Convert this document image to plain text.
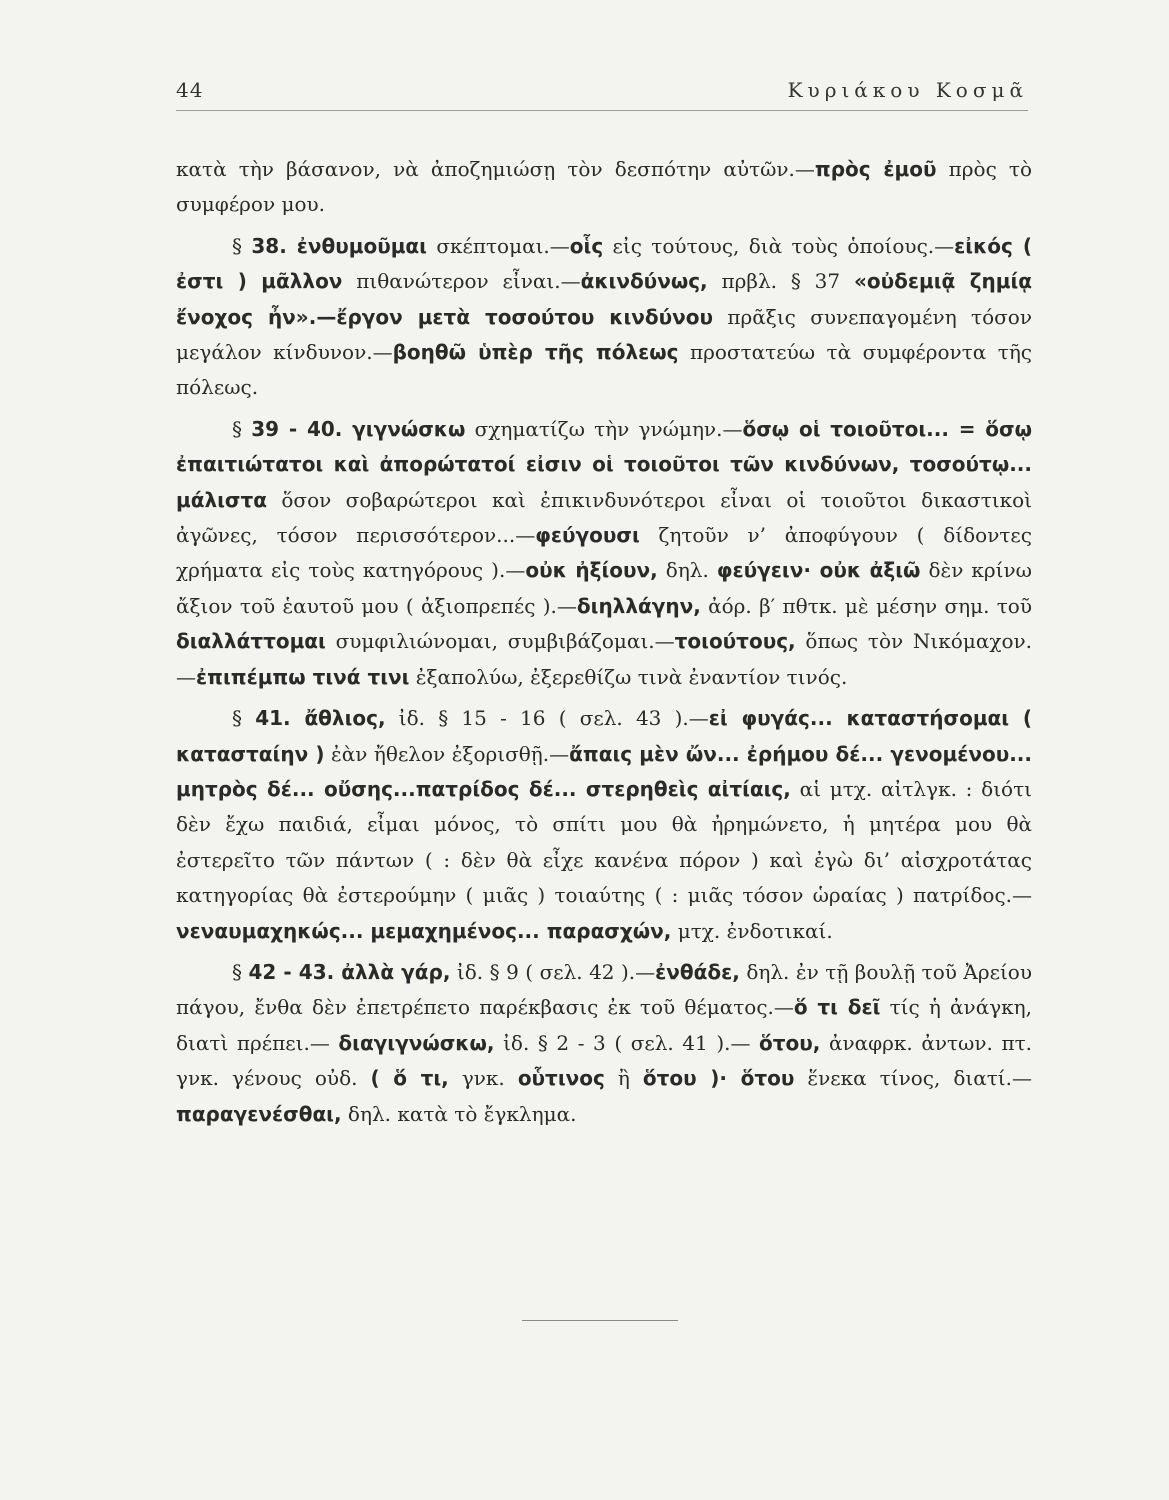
44	Κυριάκου Κοσμᾶ

κατὰ τὴν βάσανον, νὰ ἀποζημιώσῃ τὸν δεσπότην αὐτῶν.—πρὸς ἐμοῦ πρὸς τὸ συμφέρον μου.

§ 38. ἐνθυμοῦμαι σκέπτομαι.—οἷς εἰς τούτους, διὰ τοὺς ὁποίους.—εἰκός ( ἐστι ) μᾶλλον πιθανώτερον εἶναι.—ἀκινδύνως, πρβλ. § 37 «οὐδεμιᾷ ζημίᾳ ἔνοχος ἦν».—ἔργον μετὰ τοσούτου κινδύνου πρᾶξις συνεπαγομένη τόσον μεγάλον κίνδυνον.—βοηθῶ ὑπὲρ τῆς πόλεως προστατεύω τὰ συμφέροντα τῆς πόλεως.

§ 39 - 40. γιγνώσκω σχηματίζω τὴν γνώμην.—ὅσῳ οἱ τοιοῦτοι... = ὅσῳ ἐπαιτιώτατοι καὶ ἀπορώτατοί εἰσιν οἱ τοιοῦτοι τῶν κινδύνων, τοσούτῳ... μάλιστα ὅσον σοβαρώτεροι καὶ ἐπικινδυνότεροι εἶναι οἱ τοιοῦτοι δικαστικοὶ ἀγῶνες, τόσον περισσότερον...—φεύγουσι ζητοῦν ν’ ἀποφύγουν ( δίδοντες χρήματα εἰς τοὺς κατηγόρους ).—οὐκ ἠξίουν, δηλ. φεύγειν· οὐκ ἀξιῶ δὲν κρίνω ἄξιον τοῦ ἑαυτοῦ μου ( ἀξιοπρεπές ).—διηλλάγην, ἀόρ. β′ πθτκ. μὲ μέσην σημ. τοῦ διαλλάττομαι συμφιλιώνομαι, συμβιβάζομαι.—τοιούτους, ὅπως τὸν Νικόμαχον.—ἐπιπέμπω τινά τινι ἐξαπολύω, ἐξερεθίζω τινὰ ἐναντίον τινός.

§ 41. ἄθλιος, ἰδ. § 15 - 16 ( σελ. 43 ).—εἰ φυγάς... καταστήσομαι ( κατασταίην ) ἐὰν ἤθελον ἐξορισθῇ.—ἄπαις μὲν ὤν... ἐρήμου δέ... γενομένου... μητρὸς δέ... οὔσης...πατρίδος δέ... στερηθεὶς αἰτίαις, αἱ μτχ. αἰτλγκ. : διότι δὲν ἔχω παιδιά, εἶμαι μόνος, τὸ σπίτι μου θὰ ἠρημώνετο, ἡ μητέρα μου θὰ ἐστερεῖτο τῶν πάντων ( : δὲν θὰ εἶχε κανένα πόρον ) καὶ ἐγὼ δι’ αἰσχροτάτας κατηγορίας θὰ ἐστερούμην ( μιᾶς ) τοιαύτης ( : μιᾶς τόσον ὡραίας ) πατρίδος.—νεναυμαχηκώς... μεμαχημένος... παρασχών, μτχ. ἐνδοτικαί.

§ 42 - 43. ἀλλὰ γάρ, ἰδ. § 9 ( σελ. 42 ).—ἐνθάδε, δηλ. ἐν τῇ βουλῇ τοῦ Ἀρείου πάγου, ἔνθα δὲν ἐπετρέπετο παρέκβασις ἐκ τοῦ θέματος.—ὅ τι δεῖ τίς ἡ ἀνάγκη, διατὶ πρέπει.— διαγιγνώσκω, ἰδ. § 2 - 3 ( σελ. 41 ).— ὅτου, ἀναφρκ. ἀντων. πτ. γνκ. γένους οὐδ. ( ὅ τι, γνκ. οὗτινος ἢ ὅτου )· ὅτου ἕνεκα τίνος, διατί.—παραγενέσθαι, δηλ. κατὰ τὸ ἔγκλημα.
